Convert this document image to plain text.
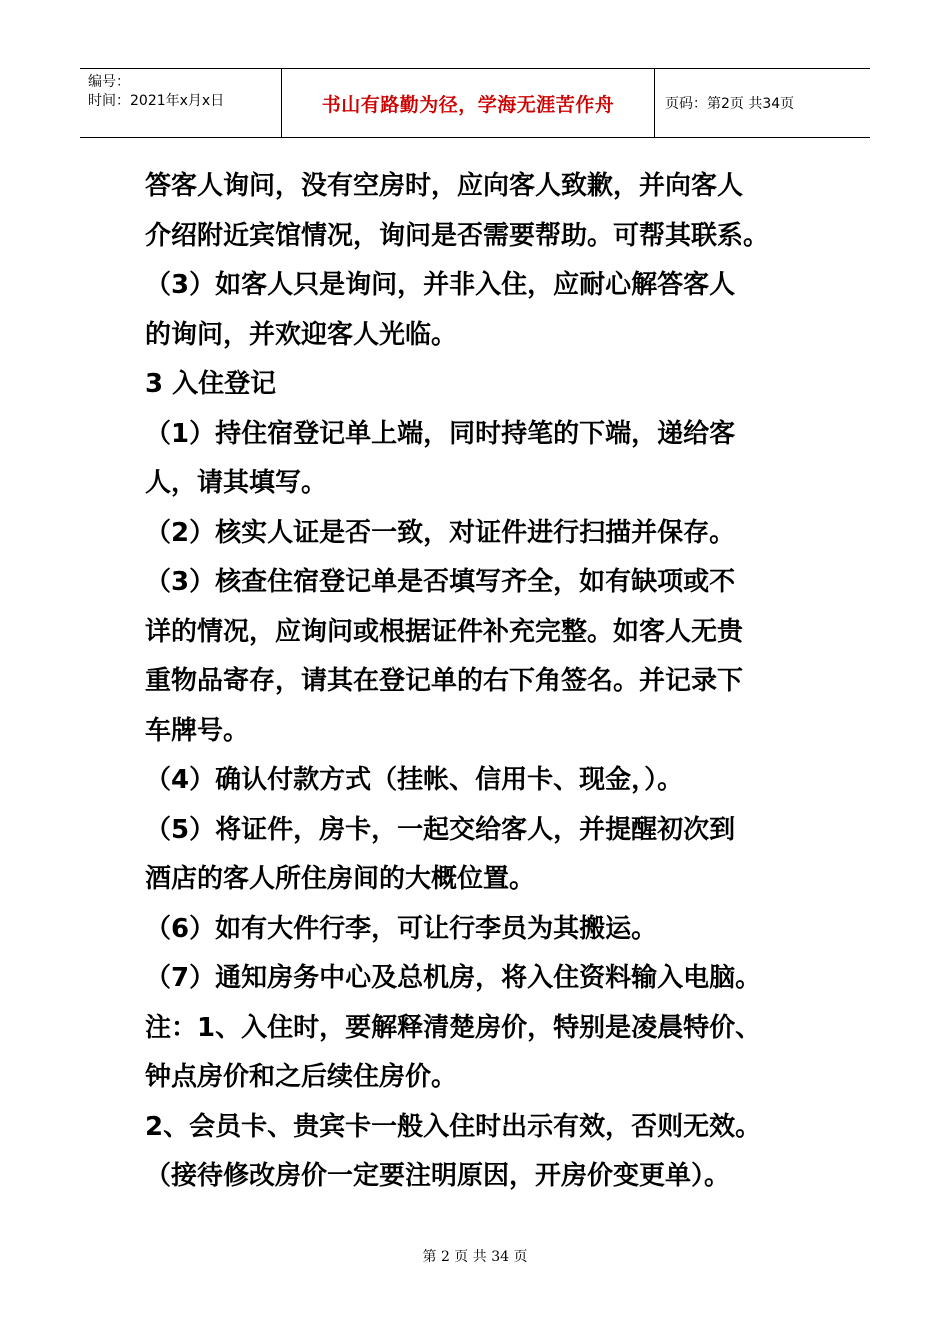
编号：
时间：2021年x月x日	书山有路勤为径，学海无涯苦作舟	页码：第2页 共34页

答客人询问，没有空房时，应向客人致歉，并向客人

介绍附近宾馆情况，询问是否需要帮助。可帮其联系。

（3）如客人只是询问，并非入住，应耐心解答客人

的询问，并欢迎客人光临。

3 入住登记

（1）持住宿登记单上端，同时持笔的下端，递给客

人，请其填写。

（2）核实人证是否一致，对证件进行扫描并保存。

（3）核查住宿登记单是否填写齐全，如有缺项或不

详的情况，应询问或根据证件补充完整。如客人无贵

重物品寄存，请其在登记单的右下角签名。并记录下

车牌号。

（4）确认付款方式（挂帐、信用卡、现金，）。

（5）将证件，房卡，一起交给客人，并提醒初次到

酒店的客人所住房间的大概位置。

（6）如有大件行李，可让行李员为其搬运。

（7）通知房务中心及总机房，将入住资料输入电脑。

注：1、入住时，要解释清楚房价，特别是凌晨特价、

钟点房价和之后续住房价。

2、会员卡、贵宾卡一般入住时出示有效，否则无效。

（接待修改房价一定要注明原因，开房价变更单）。

第 2 页 共 34 页
